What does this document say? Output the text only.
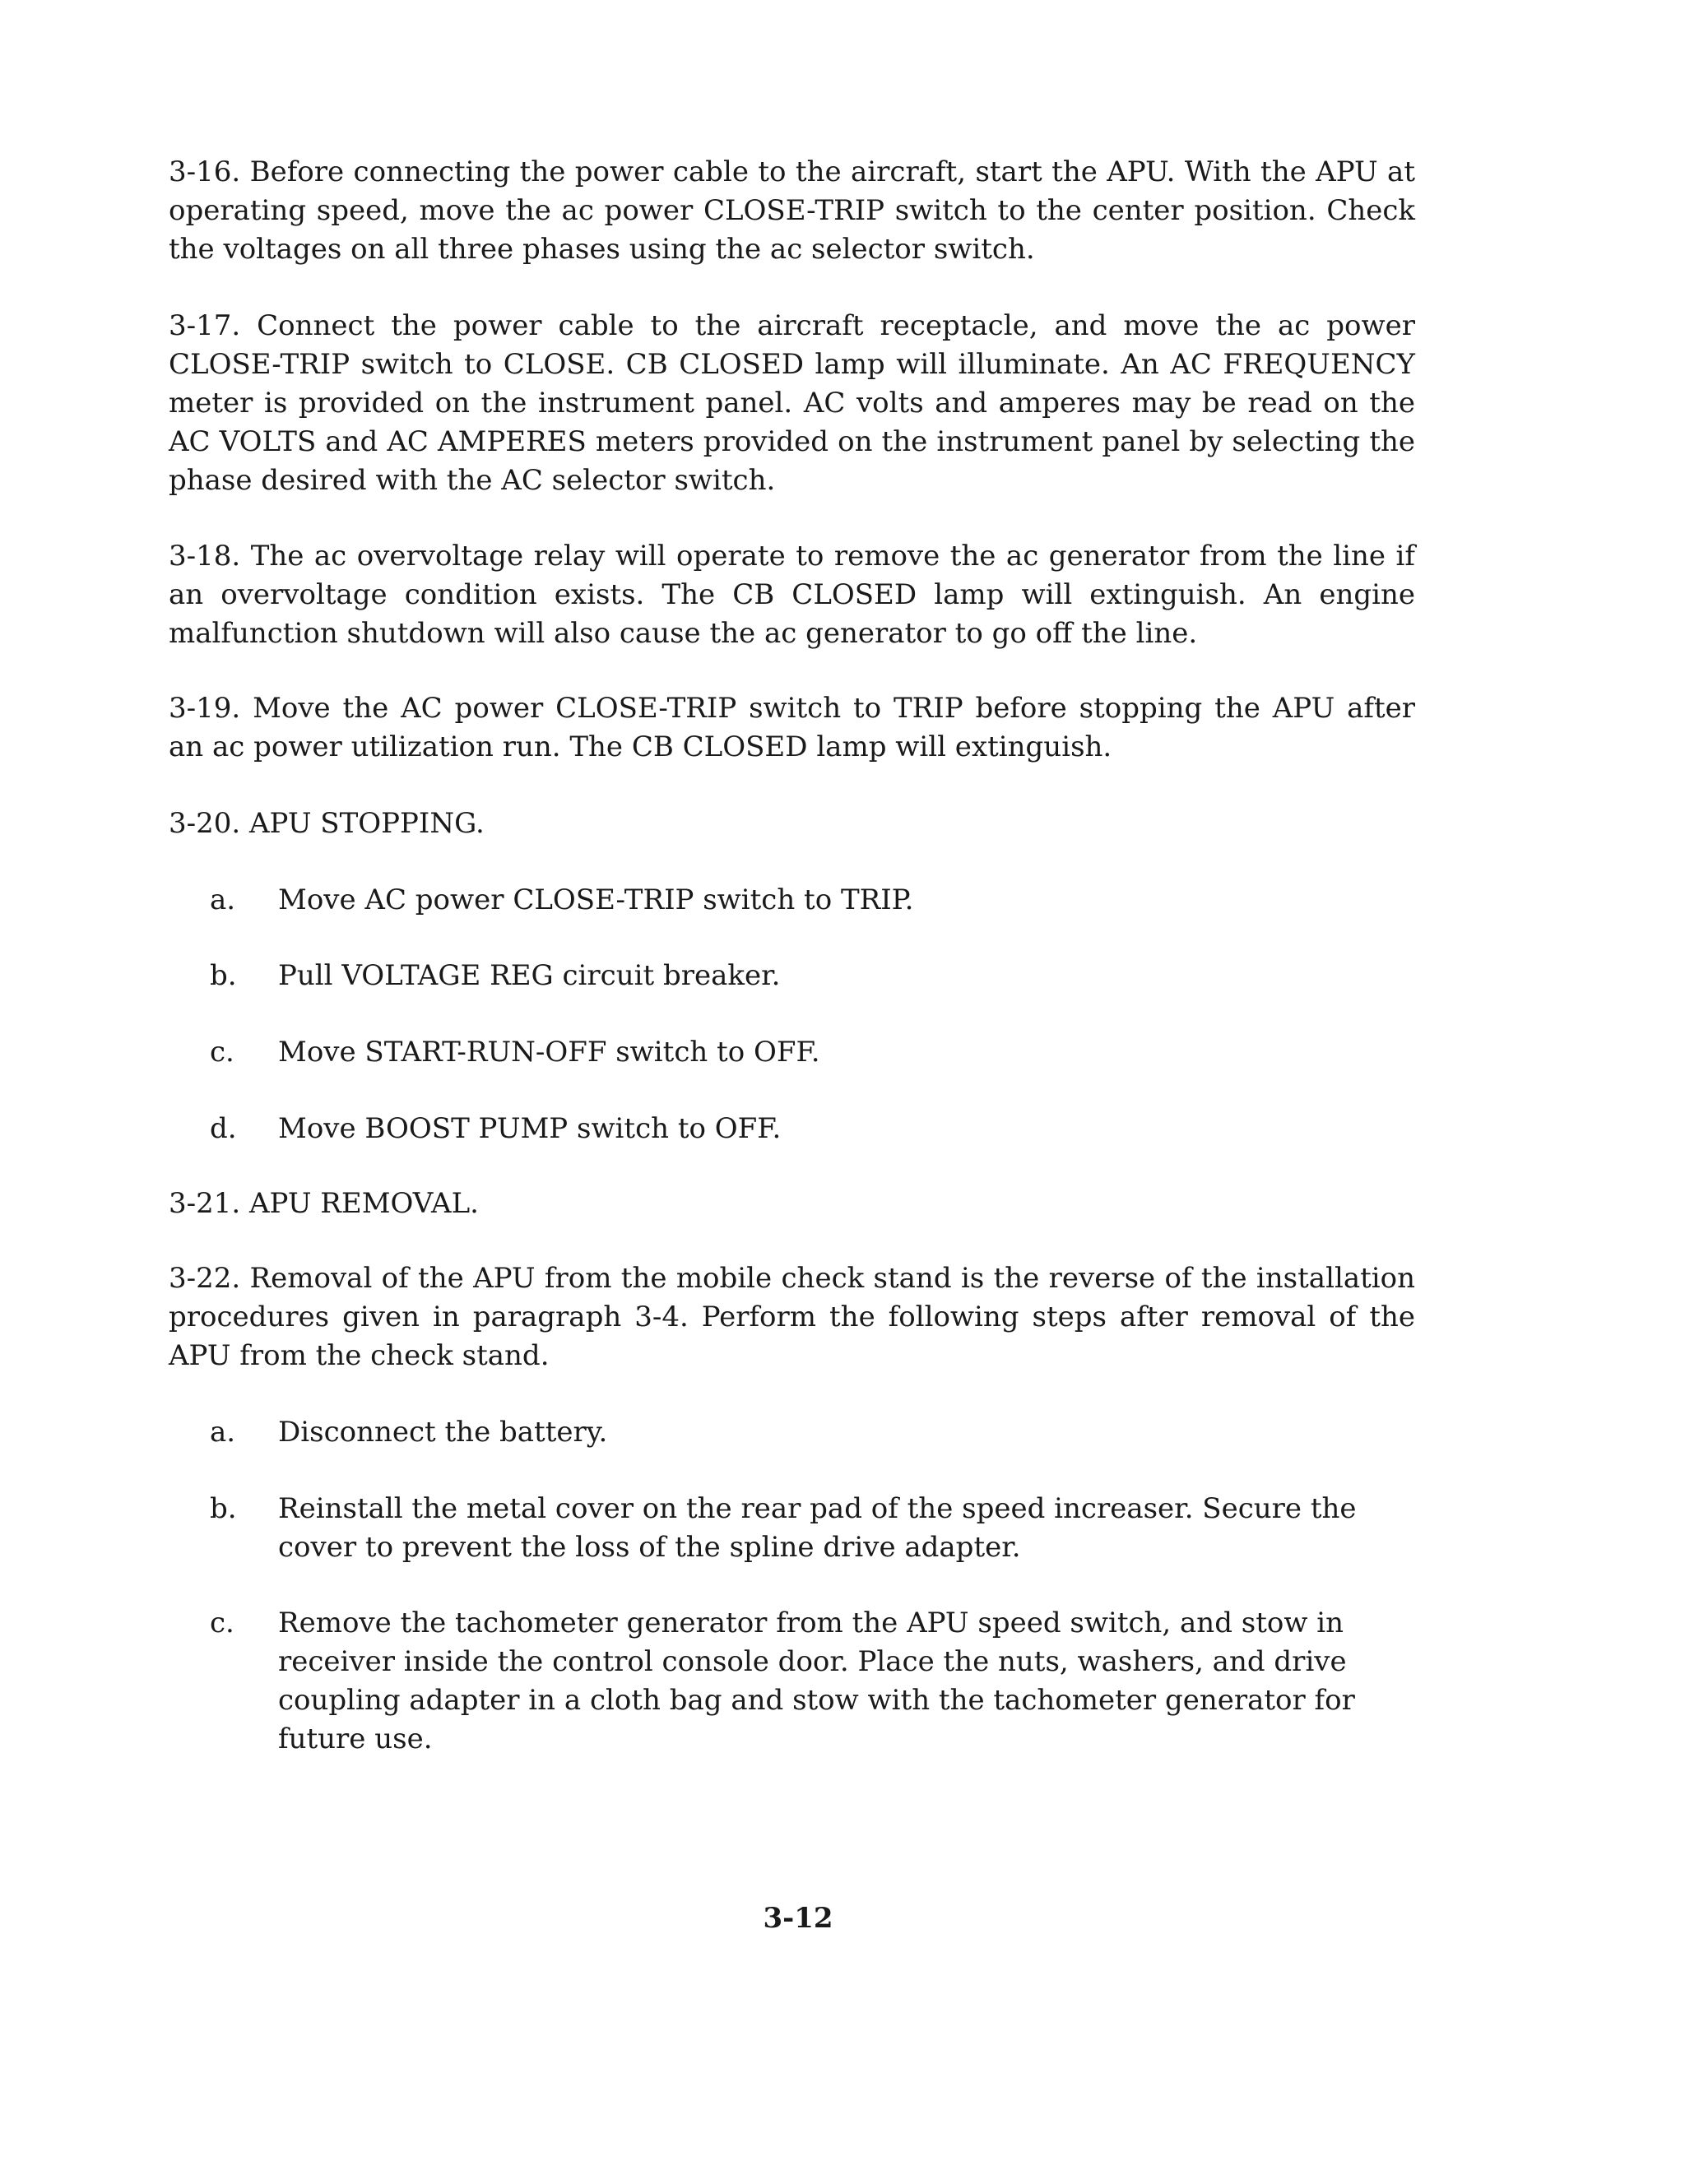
3-16. Before connecting the power cable to the aircraft, start the APU. With the APU at operating speed, move the ac power CLOSE-TRIP switch to the center position. Check the voltages on all three phases using the ac selector switch.

3-17. Connect the power cable to the aircraft receptacle, and move the ac power CLOSE-TRIP switch to CLOSE. CB CLOSED lamp will illuminate. An AC FREQUENCY meter is provided on the instrument panel. AC volts and amperes may be read on the AC VOLTS and AC AMPERES meters provided on the instrument panel by selecting the phase desired with the AC selector switch.

3-18. The ac overvoltage relay will operate to remove the ac generator from the line if an overvoltage condition exists. The CB CLOSED lamp will extinguish. An engine malfunction shutdown will also cause the ac generator to go off the line.

3-19. Move the AC power CLOSE-TRIP switch to TRIP before stopping the APU after an ac power utilization run. The CB CLOSED lamp will extinguish.

3-20. APU STOPPING.

a.	Move AC power CLOSE-TRIP switch to TRIP.
b.	Pull VOLTAGE REG circuit breaker.
c.	Move START-RUN-OFF switch to OFF.
d.	Move BOOST PUMP switch to OFF.

3-21. APU REMOVAL.

3-22. Removal of the APU from the mobile check stand is the reverse of the installation procedures given in paragraph 3-4. Perform the following steps after removal of the APU from the check stand.

a.	Disconnect the battery.
b.	Reinstall the metal cover on the rear pad of the speed increaser. Secure the cover to prevent the loss of the spline drive adapter.
c.	Remove the tachometer generator from the APU speed switch, and stow in receiver inside the control console door. Place the nuts, washers, and drive coupling adapter in a cloth bag and stow with the tachometer generator for future use.

3-12
